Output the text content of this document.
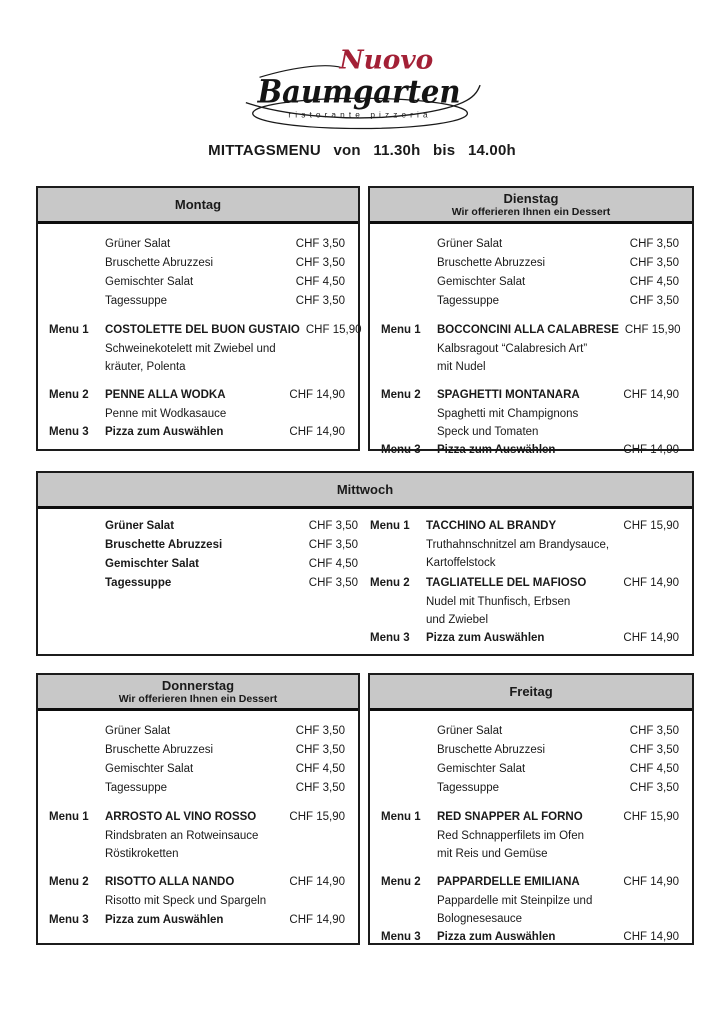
Nuovo
Baumgarten
ristorante pizzeria
MITTAGSMENU von 11.30h bis 14.00h
Montag
Grüner Salat	CHF 3,50
Bruschette Abruzzesi	CHF 3,50
Gemischter Salat	CHF 4,50
Tagessuppe	CHF 3,50
Menu 1	COSTOLETTE DEL BUON GUSTAIO CHF 15,90
Schweinekotelett mit Zwiebel und
kräuter, Polenta
Menu 2	PENNE ALLA WODKA	CHF 14,90
Penne mit Wodkasauce
Menu 3	Pizza zum Auswählen	CHF 14,90
Dienstag
Wir offerieren Ihnen ein Dessert
Grüner Salat	CHF 3,50
Bruschette Abruzzesi	CHF 3,50
Gemischter Salat	CHF 4,50
Tagessuppe	CHF 3,50
Menu 1	BOCCONCINI ALLA CALABRESE CHF 15,90
Kalbsragout “Calabresich Art”
mit Nudel
Menu 2	SPAGHETTI MONTANARA	CHF 14,90
Spaghetti mit Champignons
Speck und Tomaten
Menu 3	Pizza zum Auswählen	CHF 14,90
Mittwoch
Grüner Salat	CHF 3,50
Bruschette Abruzzesi	CHF 3,50
Gemischter Salat	CHF 4,50
Tagessuppe	CHF 3,50
Menu 1	TACCHINO AL BRANDY	CHF 15,90
Truthahnschnitzel am Brandysauce,
Kartoffelstock
Menu 2	TAGLIATELLE DEL MAFIOSO	CHF 14,90
Nudel mit Thunfisch, Erbsen
und Zwiebel
Menu 3	Pizza zum Auswählen	CHF 14,90
Donnerstag
Wir offerieren Ihnen ein Dessert
Grüner Salat	CHF 3,50
Bruschette Abruzzesi	CHF 3,50
Gemischter Salat	CHF 4,50
Tagessuppe	CHF 3,50
Menu 1	ARROSTO AL VINO ROSSO	CHF 15,90
Rindsbraten an Rotweinsauce
Röstikroketten
Menu 2	RISOTTO ALLA NANDO	CHF 14,90
Risotto mit Speck und Spargeln
Menu 3	Pizza zum Auswählen	CHF 14,90
Freitag
Grüner Salat	CHF 3,50
Bruschette Abruzzesi	CHF 3,50
Gemischter Salat	CHF 4,50
Tagessuppe	CHF 3,50
Menu 1	RED SNAPPER AL FORNO	CHF 15,90
Red Schnapperfilets im Ofen
mit Reis und Gemüse
Menu 2	PAPPARDELLE EMILIANA	CHF 14,90
Pappardelle mit Steinpilze und
Bolognesesauce
Menu 3	Pizza zum Auswählen	CHF 14,90
